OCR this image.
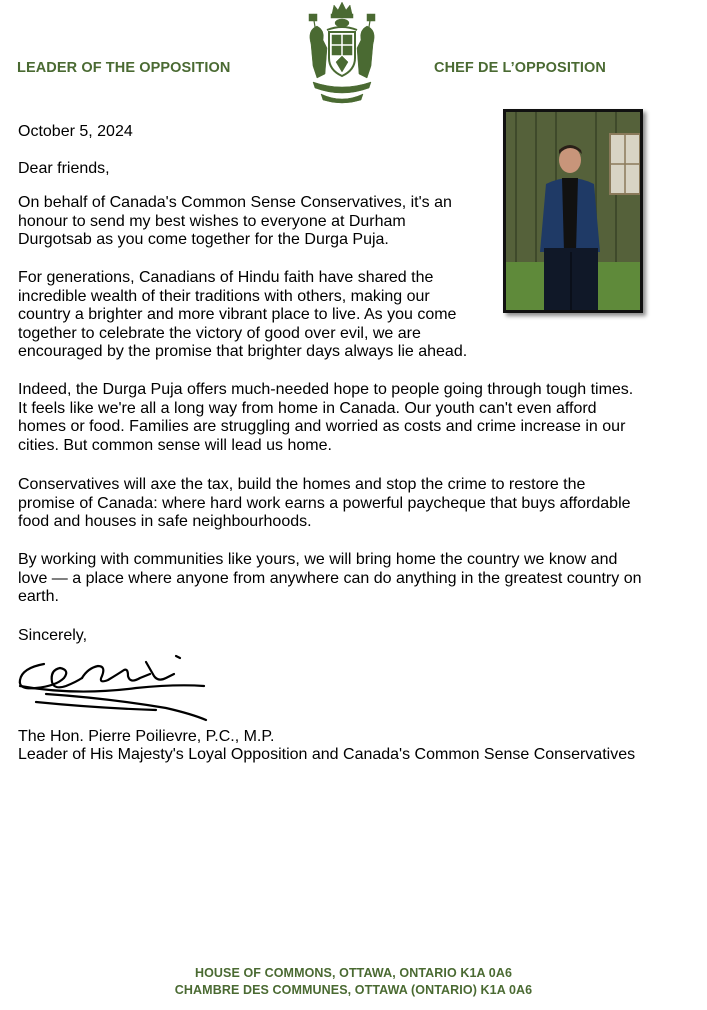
LEADER OF THE OPPOSITION	CHEF DE L’OPPOSITION
October 5, 2024
Dear friends,

On behalf of Canada's Common Sense Conservatives, it's an
honour to send my best wishes to everyone at Durham
Durgotsab as you come together for the Durga Puja.

For generations, Canadians of Hindu faith have shared the
incredible wealth of their traditions with others, making our
country a brighter and more vibrant place to live. As you come
together to celebrate the victory of good over evil, we are
encouraged by the promise that brighter days always lie ahead.

Indeed, the Durga Puja offers much-needed hope to people going through tough times.
It feels like we're all a long way from home in Canada. Our youth can't even afford
homes or food. Families are struggling and worried as costs and crime increase in our
cities. But common sense will lead us home.

Conservatives will axe the tax, build the homes and stop the crime to restore the
promise of Canada: where hard work earns a powerful paycheque that buys affordable
food and houses in safe neighbourhoods.

By working with communities like yours, we will bring home the country we know and
love — a place where anyone from anywhere can do anything in the greatest country on
earth.

Sincerely,
The Hon. Pierre Poilievre, P.C., M.P.
Leader of His Majesty's Loyal Opposition and Canada's Common Sense Conservatives
HOUSE OF COMMONS, OTTAWA, ONTARIO K1A 0A6
CHAMBRE DES COMMUNES, OTTAWA (ONTARIO) K1A 0A6
